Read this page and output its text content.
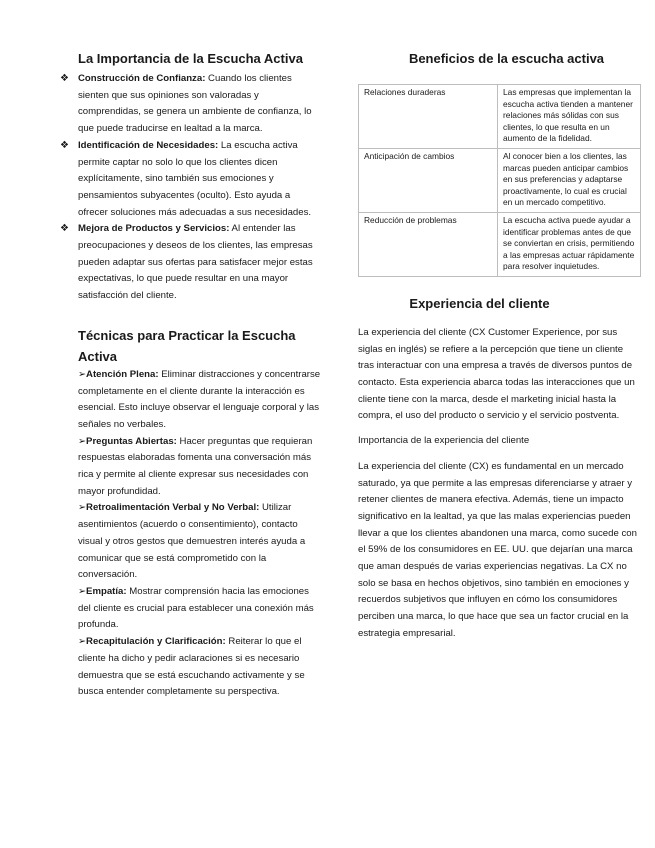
La Importancia de la Escucha Activa
❖ Construcción de Confianza: Cuando los clientes sienten que sus opiniones son valoradas y comprendidas, se genera un ambiente de confianza, lo que puede traducirse en lealtad a la marca.
❖ Identificación de Necesidades: La escucha activa permite captar no solo lo que los clientes dicen explícitamente, sino también sus emociones y pensamientos subyacentes (oculto). Esto ayuda a ofrecer soluciones más adecuadas a sus necesidades.
❖ Mejora de Productos y Servicios: Al entender las preocupaciones y deseos de los clientes, las empresas pueden adaptar sus ofertas para satisfacer mejor estas expectativas, lo que puede resultar en una mayor satisfacción del cliente.
Técnicas para Practicar la Escucha Activa

➢Atención Plena: Eliminar distracciones y concentrarse completamente en el cliente durante la interacción es esencial. Esto incluye observar el lenguaje corporal y las señales no verbales.

➢Preguntas Abiertas: Hacer preguntas que requieran respuestas elaboradas fomenta una conversación más rica y permite al cliente expresar sus necesidades con mayor profundidad.

➢Retroalimentación Verbal y No Verbal: Utilizar asentimientos (acuerdo o consentimiento), contacto visual y otros gestos que demuestren interés ayuda a comunicar que se está comprometido con la conversación.

➢Empatía: Mostrar comprensión hacia las emociones del cliente es crucial para establecer una conexión más profunda.

➢Recapitulación y Clarificación: Reiterar lo que el cliente ha dicho y pedir aclaraciones si es necesario demuestra que se está escuchando activamente y se busca entender completamente su perspectiva.

Beneficios de la escucha activa
Relaciones duraderas	Las empresas que implementan la escucha activa tienden a mantener relaciones más sólidas con sus clientes, lo que resulta en un aumento de la fidelidad.
Anticipación de cambios	Al conocer bien a los clientes, las marcas pueden anticipar cambios en sus preferencias y adaptarse proactivamente, lo cual es crucial en un mercado competitivo.
Reducción de problemas	La escucha activa puede ayudar a identificar problemas antes de que se conviertan en crisis, permitiendo a las empresas actuar rápidamente para resolver inquietudes.
Experiencia del cliente

La experiencia del cliente (CX Customer Experience, por sus siglas en inglés) se refiere a la percepción que tiene un cliente tras interactuar con una empresa a través de diversos puntos de contacto. Esta experiencia abarca todas las interacciones que un cliente tiene con la marca, desde el marketing inicial hasta la compra, el uso del producto o servicio y el servicio postventa.

Importancia de la experiencia del cliente

La experiencia del cliente (CX) es fundamental en un mercado saturado, ya que permite a las empresas diferenciarse y atraer y retener clientes de manera efectiva. Además, tiene un impacto significativo en la lealtad, ya que las malas experiencias pueden llevar a que los clientes abandonen una marca, como sucede con el 59% de los consumidores en EE. UU. que dejarían una marca que aman después de varias experiencias negativas. La CX no solo se basa en hechos objetivos, sino también en emociones y recuerdos subjetivos que influyen en cómo los consumidores perciben una marca, lo que hace que sea un factor crucial en la estrategia empresarial.
